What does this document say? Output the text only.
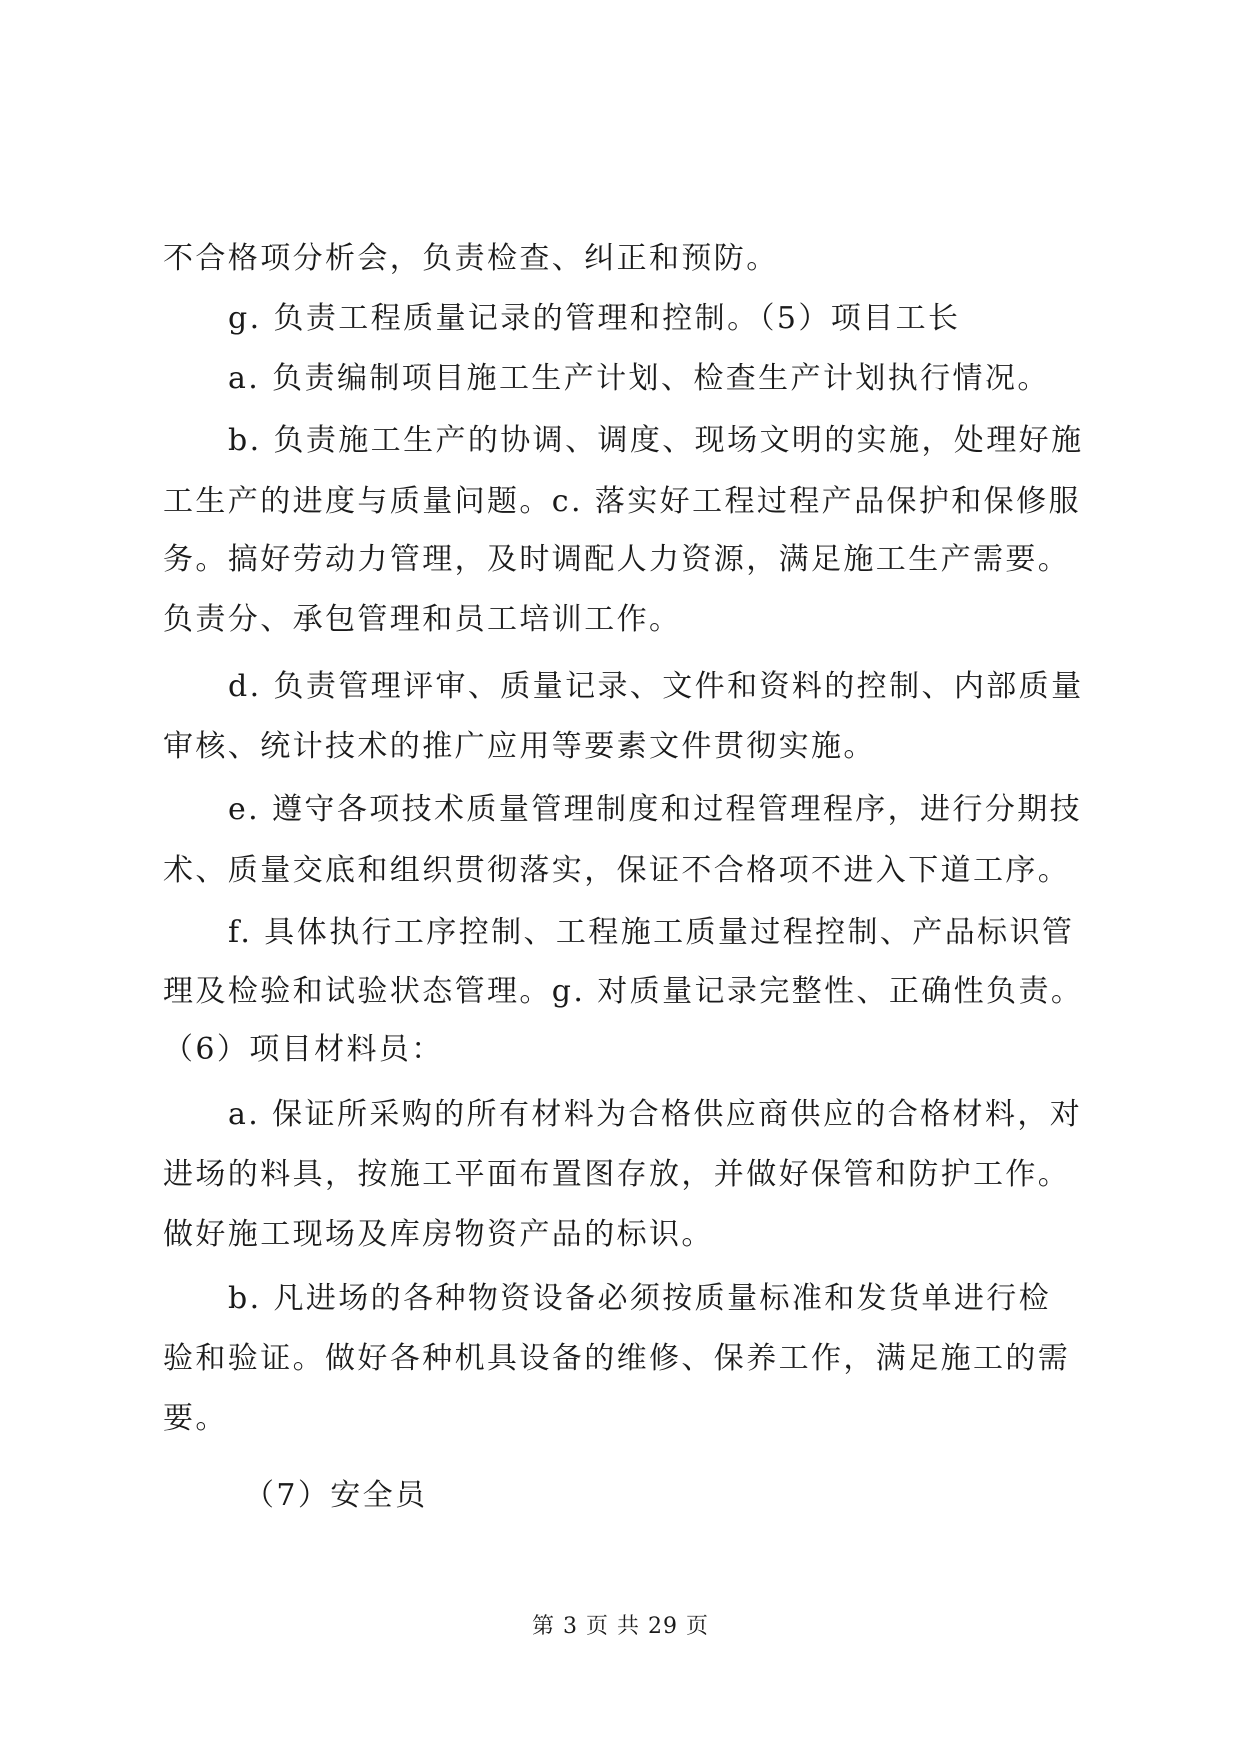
不合格项分析会，负责检查、纠正和预防。
g. 负责工程质量记录的管理和控制。（5）项目工长
a. 负责编制项目施工生产计划、检查生产计划执行情况。
b. 负责施工生产的协调、调度、现场文明的实施，处理好施
工生产的进度与质量问题。c. 落实好工程过程产品保护和保修服
务。搞好劳动力管理，及时调配人力资源，满足施工生产需要。
负责分、承包管理和员工培训工作。
d. 负责管理评审、质量记录、文件和资料的控制、内部质量
审核、统计技术的推广应用等要素文件贯彻实施。
e. 遵守各项技术质量管理制度和过程管理程序，进行分期技
术、质量交底和组织贯彻落实，保证不合格项不进入下道工序。
f. 具体执行工序控制、工程施工质量过程控制、产品标识管
理及检验和试验状态管理。g. 对质量记录完整性、正确性负责。
（6）项目材料员：
a. 保证所采购的所有材料为合格供应商供应的合格材料，对
进场的料具，按施工平面布置图存放，并做好保管和防护工作。
做好施工现场及库房物资产品的标识。
b. 凡进场的各种物资设备必须按质量标准和发货单进行检
验和验证。做好各种机具设备的维修、保养工作，满足施工的需
要。
（7）安全员
第 3 页 共 29 页
